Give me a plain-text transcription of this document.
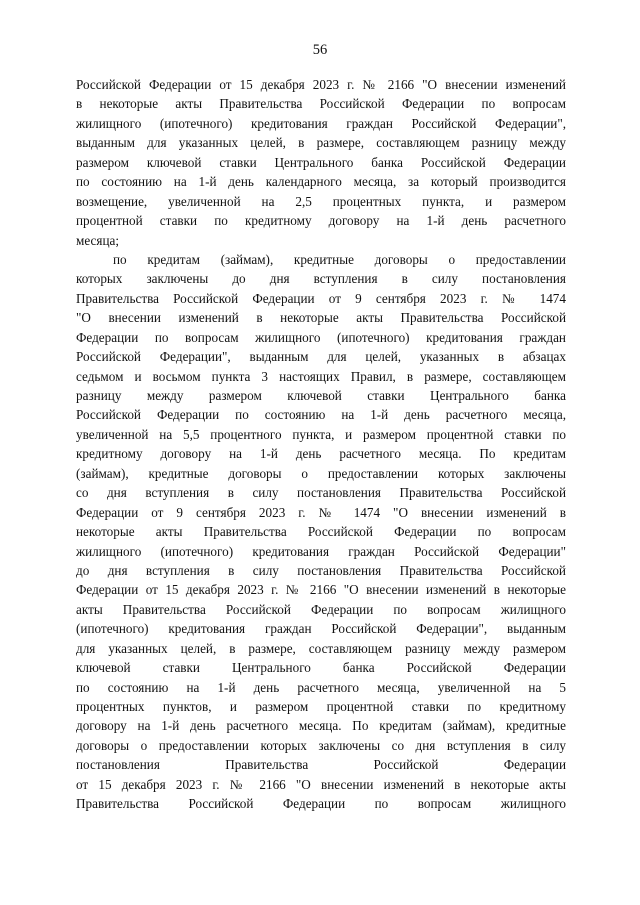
56
Российской Федерации от 15 декабря 2023 г. № 2166 "О внесении изменений
в некоторые акты Правительства Российской Федерации по вопросам
жилищного (ипотечного) кредитования граждан Российской Федерации",
выданным для указанных целей, в размере, составляющем разницу между
размером ключевой ставки Центрального банка Российской Федерации
по состоянию на 1-й день календарного месяца, за который производится
возмещение, увеличенной на 2,5 процентных пункта, и размером
процентной ставки по кредитному договору на 1-й день расчетного
месяца;
по кредитам (займам), кредитные договоры о предоставлении
которых заключены до дня вступления в силу постановления
Правительства Российской Федерации от 9 сентября 2023 г. № 1474
"О внесении изменений в некоторые акты Правительства Российской
Федерации по вопросам жилищного (ипотечного) кредитования граждан
Российской Федерации", выданным для целей, указанных в абзацах
седьмом и восьмом пункта 3 настоящих Правил, в размере, составляющем
разницу между размером ключевой ставки Центрального банка
Российской Федерации по состоянию на 1-й день расчетного месяца,
увеличенной на 5,5 процентного пункта, и размером процентной ставки по
кредитному договору на 1-й день расчетного месяца. По кредитам
(займам), кредитные договоры о предоставлении которых заключены
со дня вступления в силу постановления Правительства Российской
Федерации от 9 сентября 2023 г. № 1474 "О внесении изменений в
некоторые акты Правительства Российской Федерации по вопросам
жилищного (ипотечного) кредитования граждан Российской Федерации"
до дня вступления в силу постановления Правительства Российской
Федерации от 15 декабря 2023 г. № 2166 "О внесении изменений в некоторые
акты Правительства Российской Федерации по вопросам жилищного
(ипотечного) кредитования граждан Российской Федерации", выданным
для указанных целей, в размере, составляющем разницу между размером
ключевой ставки Центрального банка Российской Федерации
по состоянию на 1-й день расчетного месяца, увеличенной на 5
процентных пунктов, и размером процентной ставки по кредитному
договору на 1-й день расчетного месяца. По кредитам (займам), кредитные
договоры о предоставлении которых заключены со дня вступления в силу
постановления Правительства Российской Федерации
от 15 декабря 2023 г. № 2166 "О внесении изменений в некоторые акты
Правительства Российской Федерации по вопросам жилищного
